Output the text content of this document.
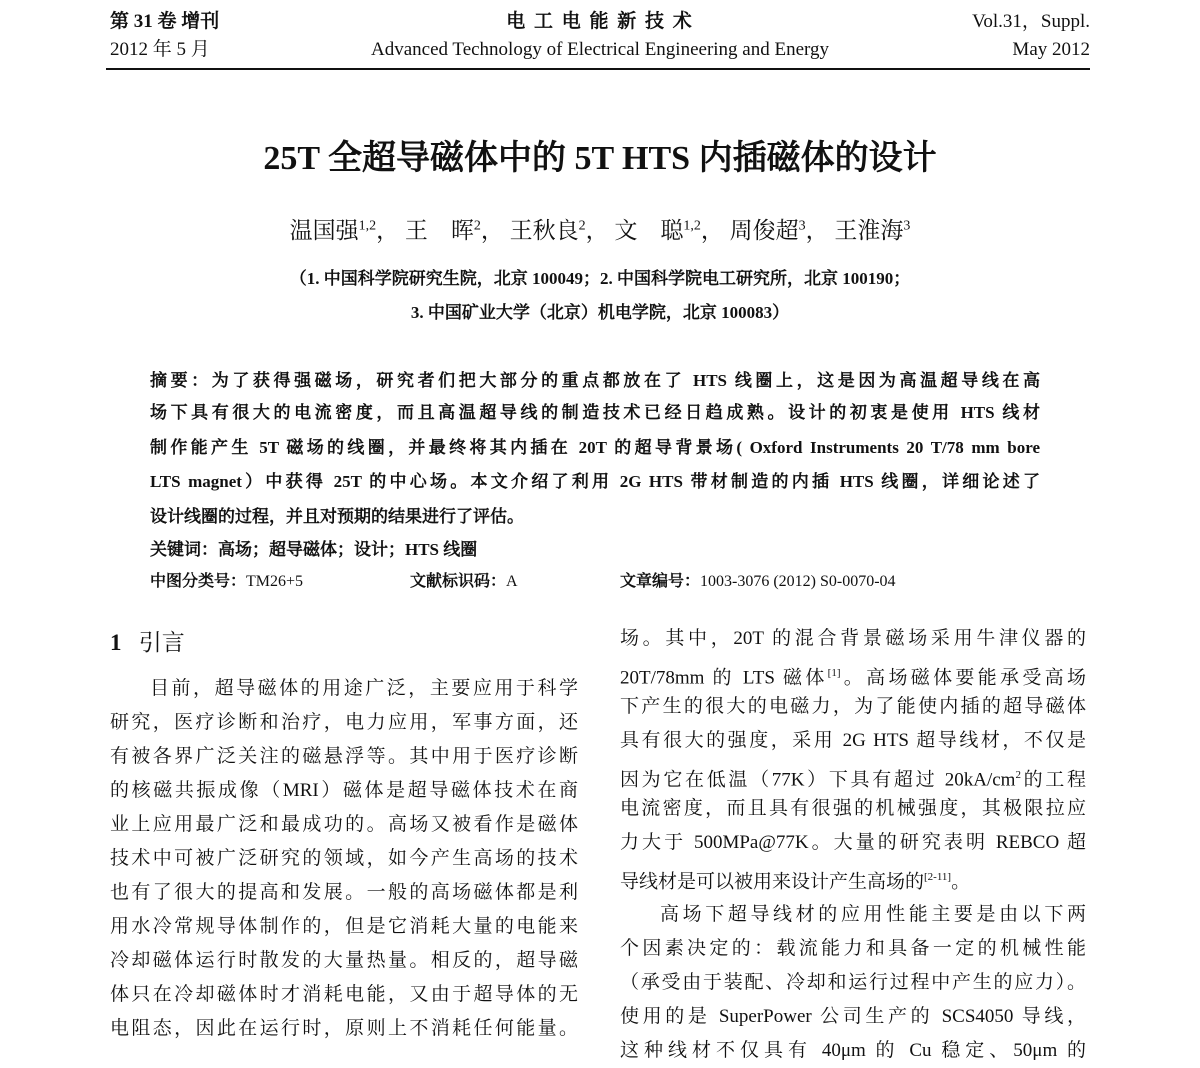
第 31 卷 增刊
2012 年 5 月
电 工 电 能 新 技 术
Advanced Technology of Electrical Engineering and Energy
Vol.31，Suppl.
May 2012
25T 全超导磁体中的 5T HTS 内插磁体的设计
温国强$^{1,2}$， 王　晖$^2$， 王秋良$^2$， 文　聪$^{1,2}$， 周俊超$^3$， 王淮海$^3$
（1. 中国科学院研究生院，北京 100049；2. 中国科学院电工研究所，北京 100190；
3. 中国矿业大学（北京）机电学院，北京 100083）
摘要：为了获得强磁场，研究者们把大部分的重点都放在了 HTS 线圈上，这是因为高温超导线在高
场下具有很大的电流密度，而且高温超导线的制造技术已经日趋成熟。设计的初衷是使用 HTS 线材
制作能产生 5T 磁场的线圈，并最终将其内插在 20T 的超导背景场( Oxford Instruments 20 T/78 mm bore
LTS magnet）中获得 25T 的中心场。本文介绍了利用 2G HTS 带材制造的内插 HTS 线圈，详细论述了
设计线圈的过程，并且对预期的结果进行了评估。
关键词：高场；超导磁体；设计；HTS 线圈
中图分类号：TM26+5	文献标识码：A	文章编号：1003-3076 (2012) S0-0070-04
1 引言
目前，超导磁体的用途广泛，主要应用于科学
研究，医疗诊断和治疗，电力应用，军事方面，还
有被各界广泛关注的磁悬浮等。其中用于医疗诊断
的核磁共振成像（MRI）磁体是超导磁体技术在商
业上应用最广泛和最成功的。高场又被看作是磁体
技术中可被广泛研究的领域，如今产生高场的技术
也有了很大的提高和发展。一般的高场磁体都是利
用水冷常规导体制作的，但是它消耗大量的电能来
冷却磁体运行时散发的大量热量。相反的，超导磁
体只在冷却磁体时才消耗电能，又由于超导体的无
电阻态，因此在运行时，原则上不消耗任何能量。
场。其中，20T 的混合背景磁场采用牛津仪器的
20T/78mm 的 LTS 磁体[1]。高场磁体要能承受高场
下产生的很大的电磁力，为了能使内插的超导磁体
具有很大的强度，采用 2G HTS 超导线材，不仅是
因为它在低温（77K）下具有超过 $20kA/cm^2$的工程
电流密度，而且具有很强的机械强度，其极限拉应
力大于 500MPa@77K。大量的研究表明 REBCO 超
导线材是可以被用来设计产生高场的[2-11]。
高场下超导线材的应用性能主要是由以下两
个因素决定的：载流能力和具备一定的机械性能
（承受由于装配、冷却和运行过程中产生的应力）。
使用的是 SuperPower 公司生产的 SCS4050 导线，
这种线材不仅具有 40μm 的 Cu 稳定、50μm 的
